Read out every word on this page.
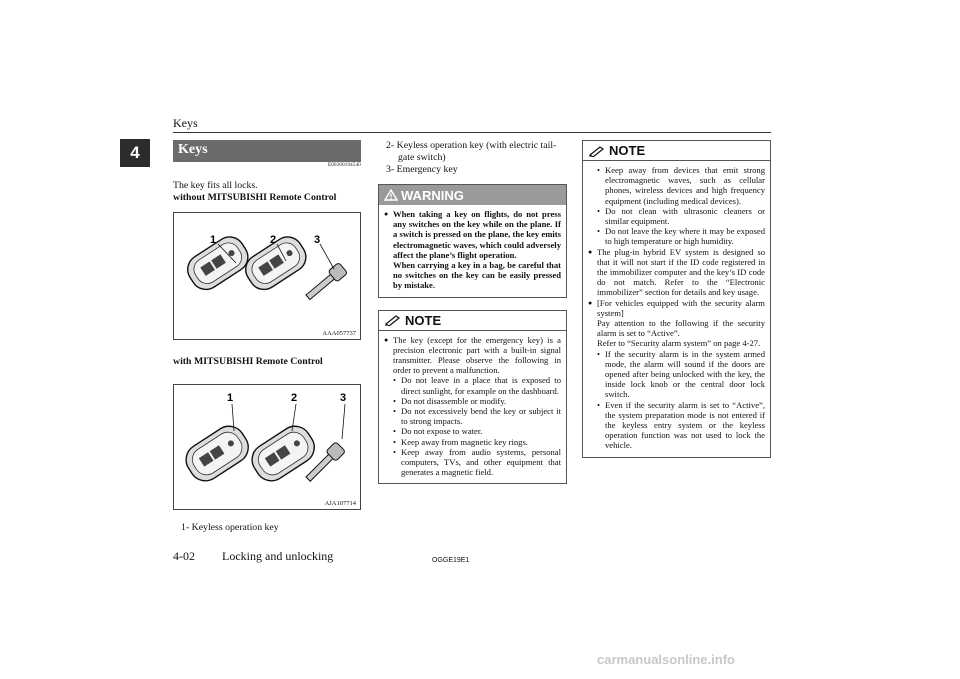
Keys
4	Keys
E00300104540
The key fits all locks.
without MITSUBISHI Remote Control
1	2	3
AAA057737
with MITSUBISHI Remote Control
1	2	3
AJA107714
1- Keyless operation key
2- Keyless operation key (with electric tail-
gate switch)
3- Emergency key
WARNING
● When taking a key on flights, do not press any switches on the key while on the plane. If a switch is pressed on the plane, the key emits electromagnetic waves, which could adversely affect the plane’s flight operation.
When carrying a key in a bag, be careful that no switches on the key can be easily pressed by mistake.
NOTE
● The key (except for the emergency key) is a precision electronic part with a built-in signal transmitter. Please observe the following in order to prevent a malfunction.
• Do not leave in a place that is exposed to direct sunlight, for example on the dashboard.
• Do not disassemble or modify.
• Do not excessively bend the key or subject it to strong impacts.
• Do not expose to water.
• Keep away from magnetic key rings.
• Keep away from audio systems, personal computers, TVs, and other equipment that generates a magnetic field.
NOTE
• Keep away from devices that emit strong electromagnetic waves, such as cellular phones, wireless devices and high frequency equipment (including medical devices).
• Do not clean with ultrasonic cleaners or similar equipment.
• Do not leave the key where it may be exposed to high temperature or high humidity.
● The plug-in hybrid EV system is designed so that it will not start if the ID code registered in the immobilizer computer and the key’s ID code do not match. Refer to the “Electronic immobilizer” section for details and key usage.
● [For vehicles equipped with the security alarm system]
Pay attention to the following if the security alarm is set to “Active”.
Refer to “Security alarm system” on page 4-27.
• If the security alarm is in the system armed mode, the alarm will sound if the doors are opened after being unlocked with the key, the inside lock knob or the central door lock switch.
• Even if the security alarm is set to “Active”, the system preparation mode is not entered if the keyless entry system or the keyless operation function was not used to lock the vehicle.
4-02 Locking and unlocking	OGGE19E1
carmanualsonline.info
